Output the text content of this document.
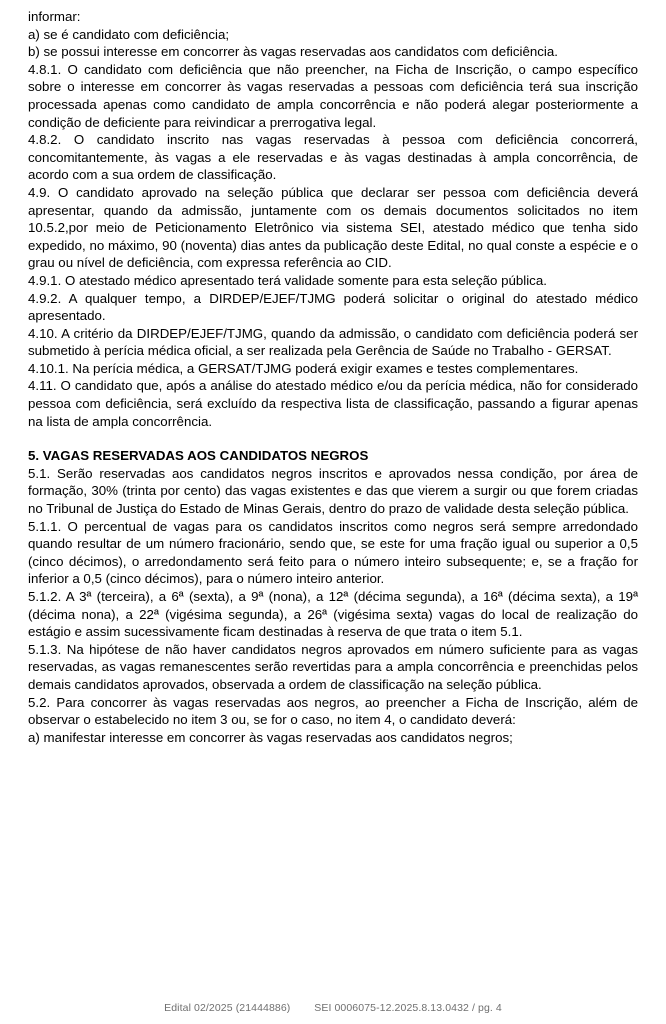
informar:

a) se é candidato com deficiência;

b) se possui interesse em concorrer às vagas reservadas aos candidatos com deficiência.

4.8.1. O candidato com deficiência que não preencher, na Ficha de Inscrição, o campo específico sobre o interesse em concorrer às vagas reservadas a pessoas com deficiência terá sua inscrição processada apenas como candidato de ampla concorrência e não poderá alegar posteriormente a condição de deficiente para reivindicar a prerrogativa legal.

4.8.2. O candidato inscrito nas vagas reservadas à pessoa com deficiência concorrerá, concomitantemente, às vagas a ele reservadas e às vagas destinadas à ampla concorrência, de acordo com a sua ordem de classificação.

4.9. O candidato aprovado na seleção pública que declarar ser pessoa com deficiência deverá apresentar, quando da admissão, juntamente com os demais documentos solicitados no item 10.5.2,por meio de Peticionamento Eletrônico via sistema SEI, atestado médico que tenha sido expedido, no máximo, 90 (noventa) dias antes da publicação deste Edital, no qual conste a espécie e o grau ou nível de deficiência, com expressa referência ao CID.

4.9.1. O atestado médico apresentado terá validade somente para esta seleção pública.

4.9.2. A qualquer tempo, a DIRDEP/EJEF/TJMG poderá solicitar o original do atestado médico apresentado.

4.10. A critério da DIRDEP/EJEF/TJMG, quando da admissão, o candidato com deficiência poderá ser submetido à perícia médica oficial, a ser realizada pela Gerência de Saúde no Trabalho - GERSAT.

4.10.1. Na perícia médica, a GERSAT/TJMG poderá exigir exames e testes complementares.

4.11. O candidato que, após a análise do atestado médico e/ou da perícia médica, não for considerado pessoa com deficiência, será excluído da respectiva lista de classificação, passando a figurar apenas na lista de ampla concorrência.

5. VAGAS RESERVADAS AOS CANDIDATOS NEGROS

5.1. Serão reservadas aos candidatos negros inscritos e aprovados nessa condição, por área de formação, 30% (trinta por cento) das vagas existentes e das que vierem a surgir ou que forem criadas no Tribunal de Justiça do Estado de Minas Gerais, dentro do prazo de validade desta seleção pública.

5.1.1. O percentual de vagas para os candidatos inscritos como negros será sempre arredondado quando resultar de um número fracionário, sendo que, se este for uma fração igual ou superior a 0,5 (cinco décimos), o arredondamento será feito para o número inteiro subsequente; e, se a fração for inferior a 0,5 (cinco décimos), para o número inteiro anterior.

5.1.2. A 3ª (terceira), a 6ª (sexta), a 9ª (nona), a 12ª (décima segunda), a 16ª (décima sexta), a 19ª (décima nona), a 22ª (vigésima segunda), a 26ª (vigésima sexta) vagas do local de realização do estágio e assim sucessivamente ficam destinadas à reserva de que trata o item 5.1.

5.1.3. Na hipótese de não haver candidatos negros aprovados em número suficiente para as vagas reservadas, as vagas remanescentes serão revertidas para a ampla concorrência e preenchidas pelos demais candidatos aprovados, observada a ordem de classificação na seleção pública.

5.2. Para concorrer às vagas reservadas aos negros, ao preencher a Ficha de Inscrição, além de observar o estabelecido no item 3 ou, se for o caso, no item 4, o candidato deverá:

a) manifestar interesse em concorrer às vagas reservadas aos candidatos negros;

Edital 02/2025 (21444886) SEI 0006075-12.2025.8.13.0432 / pg. 4
